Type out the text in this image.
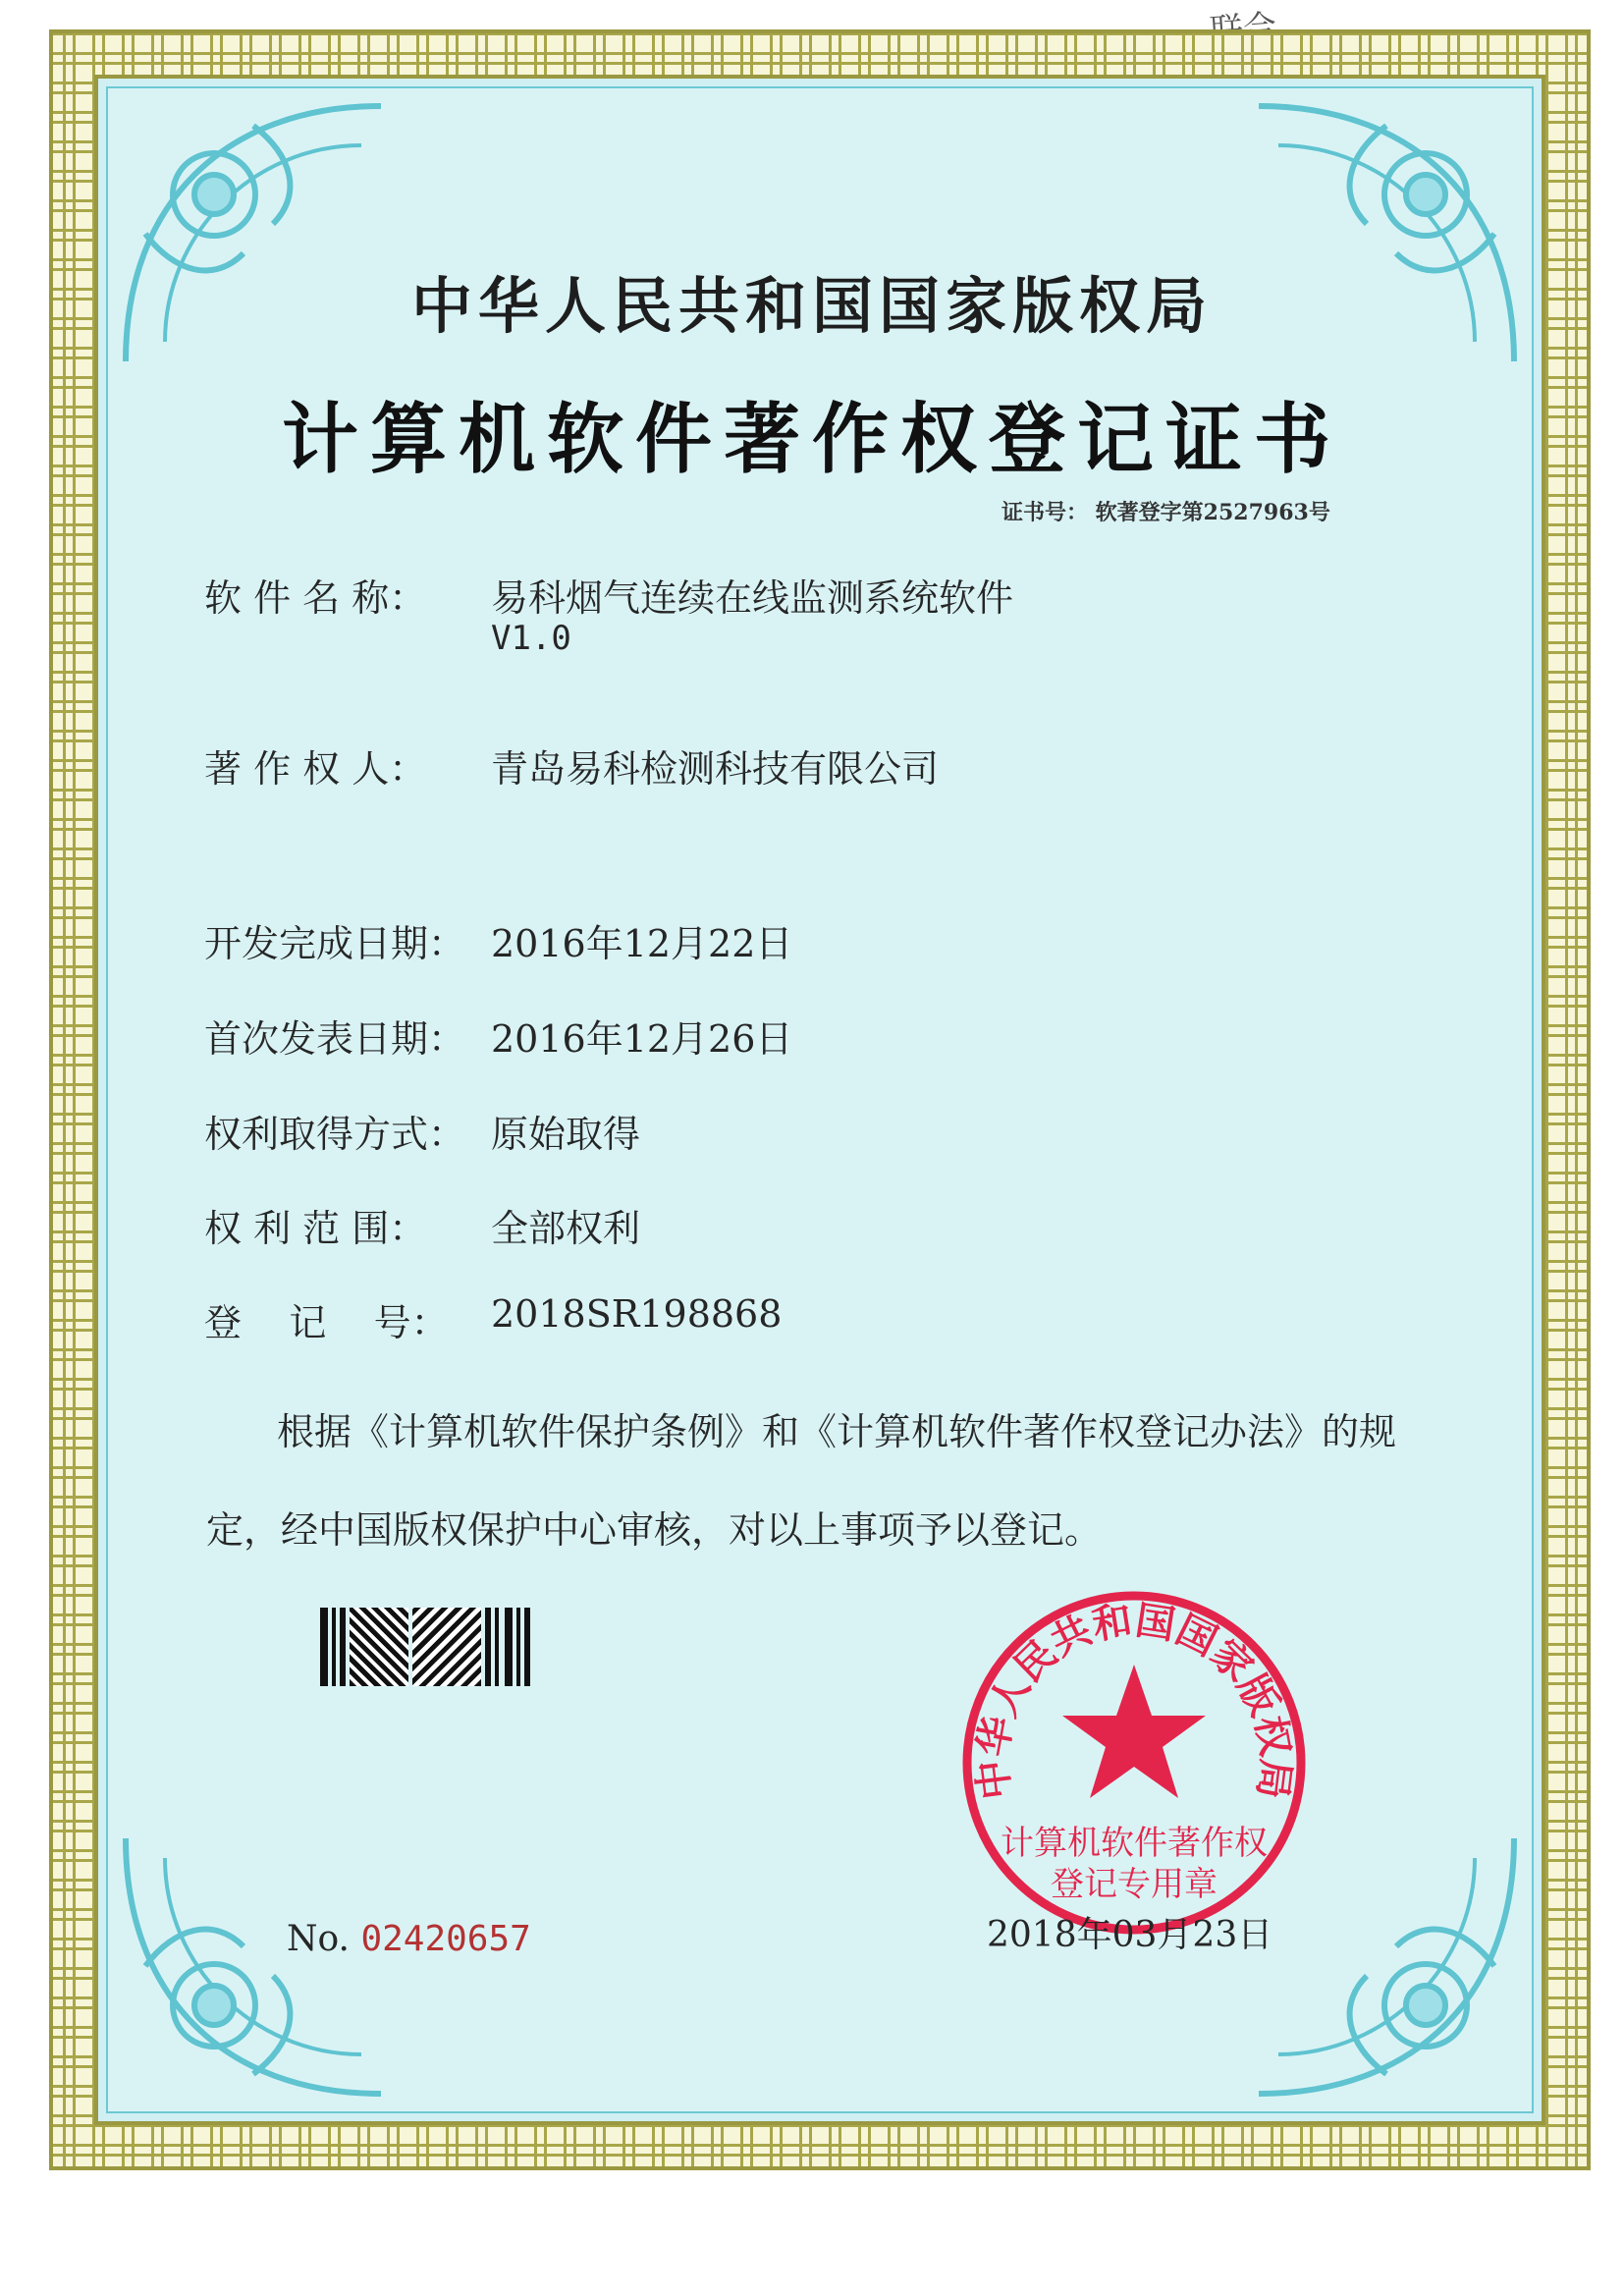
中华人民共和国国家版权局
计算机软件著作权登记证书
证书号： 软著登字第2527963号
软 件 名 称： 易科烟气连续在线监测系统软件
V1.0
著 作 权 人： 青岛易科检测科技有限公司
开发完成日期： 2016年12月22日
首次发表日期： 2016年12月26日
权利取得方式： 原始取得
权 利 范 围： 全部权利
登    记    号： 2018SR198868
根据《计算机软件保护条例》和《计算机软件著作权登记办法》的规定，经中国版权保护中心审核，对以上事项予以登记。
No. 02420657
中华人民共和国国家版权局
计算机软件著作权
登记专用章
2018年03月23日
